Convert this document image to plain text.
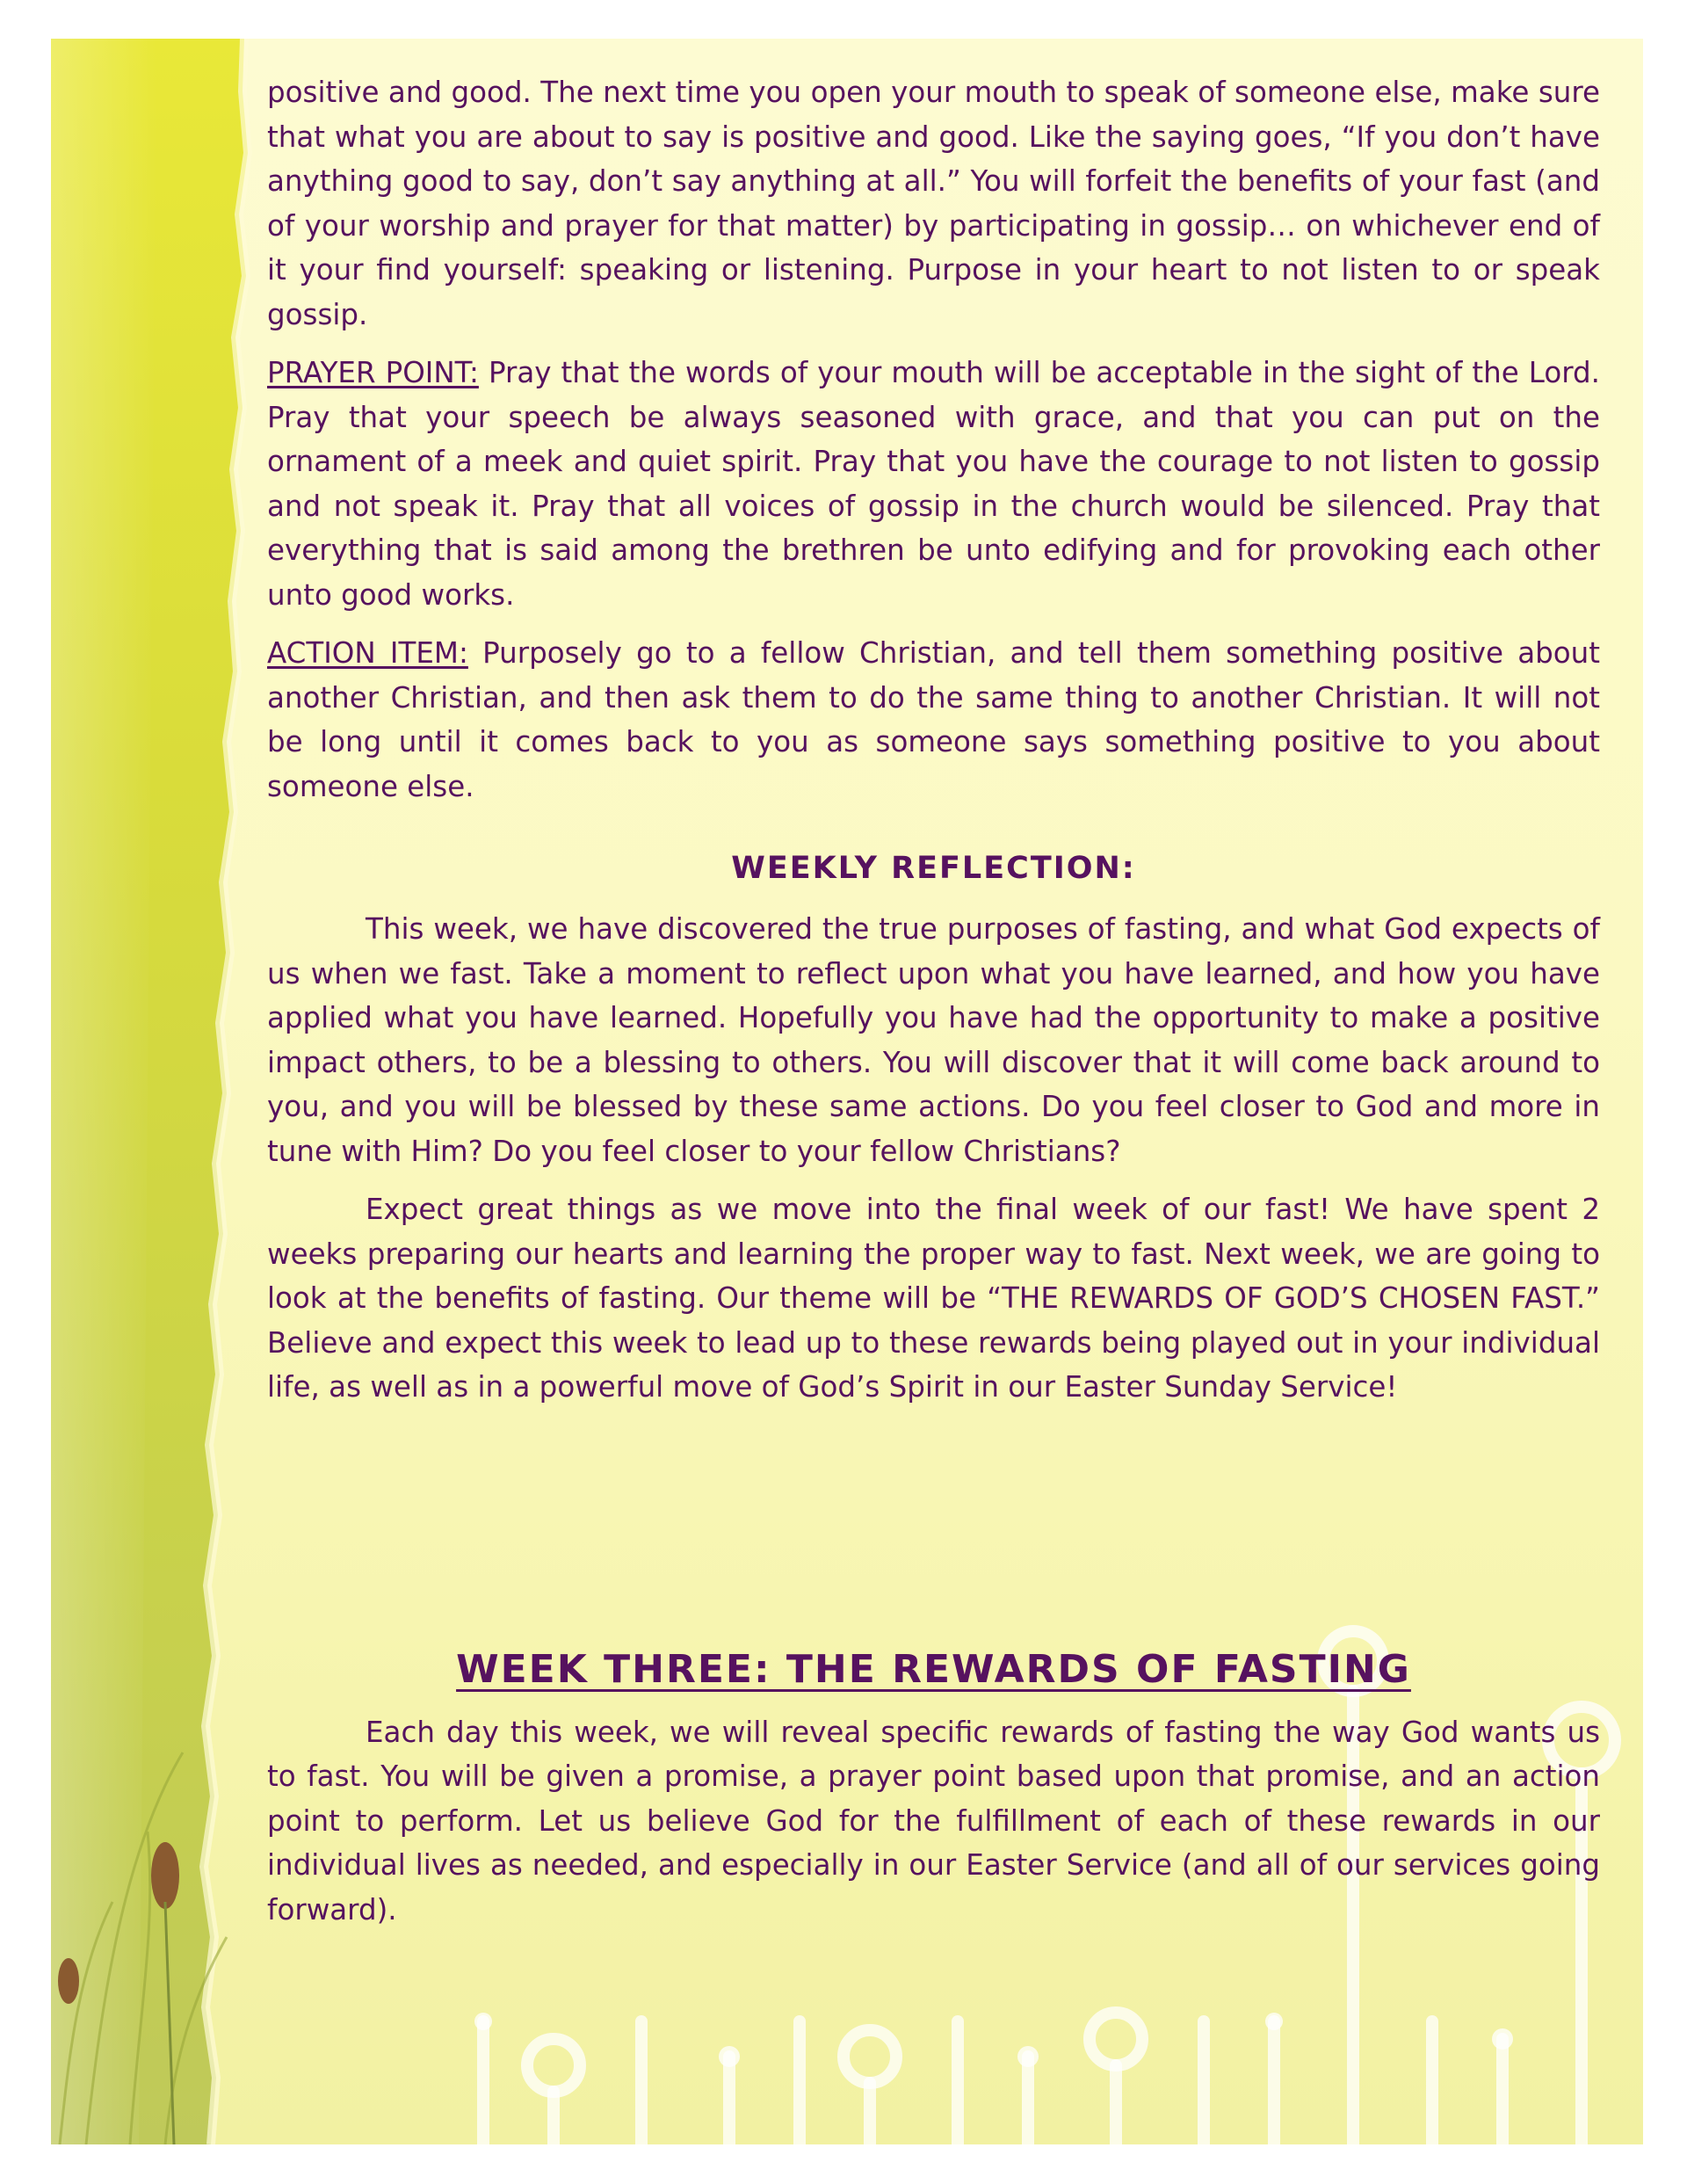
positive and good. The next time you open your mouth to speak of someone else, make sure that what you are about to say is positive and good. Like the saying goes, “If you don’t have anything good to say, don’t say anything at all.” You will forfeit the benefits of your fast (and of your worship and prayer for that matter) by participating in gossip… on whichever end of it your find yourself: speaking or listening. Purpose in your heart to not listen to or speak gossip.

PRAYER POINT: Pray that the words of your mouth will be acceptable in the sight of the Lord. Pray that your speech be always seasoned with grace, and that you can put on the ornament of a meek and quiet spirit. Pray that you have the courage to not listen to gossip and not speak it. Pray that all voices of gossip in the church would be silenced. Pray that everything that is said among the brethren be unto edifying and for provoking each other unto good works.

ACTION ITEM: Purposely go to a fellow Christian, and tell them something positive about another Christian, and then ask them to do the same thing to another Christian. It will not be long until it comes back to you as someone says something positive to you about someone else.

WEEKLY REFLECTION:

This week, we have discovered the true purposes of fasting, and what God expects of us when we fast. Take a moment to reflect upon what you have learned, and how you have applied what you have learned. Hopefully you have had the opportunity to make a positive impact others, to be a blessing to others. You will discover that it will come back around to you, and you will be blessed by these same actions. Do you feel closer to God and more in tune with Him? Do you feel closer to your fellow Christians?

Expect great things as we move into the final week of our fast! We have spent 2 weeks preparing our hearts and learning the proper way to fast. Next week, we are going to look at the benefits of fasting. Our theme will be “THE REWARDS OF GOD’S CHOSEN FAST.” Believe and expect this week to lead up to these rewards being played out in your individual life, as well as in a powerful move of God’s Spirit in our Easter Sunday Service!

WEEK THREE: THE REWARDS OF FASTING

Each day this week, we will reveal specific rewards of fasting the way God wants us to fast. You will be given a promise, a prayer point based upon that promise, and an action point to perform. Let us believe God for the fulfillment of each of these rewards in our individual lives as needed, and especially in our Easter Service (and all of our services going forward).
